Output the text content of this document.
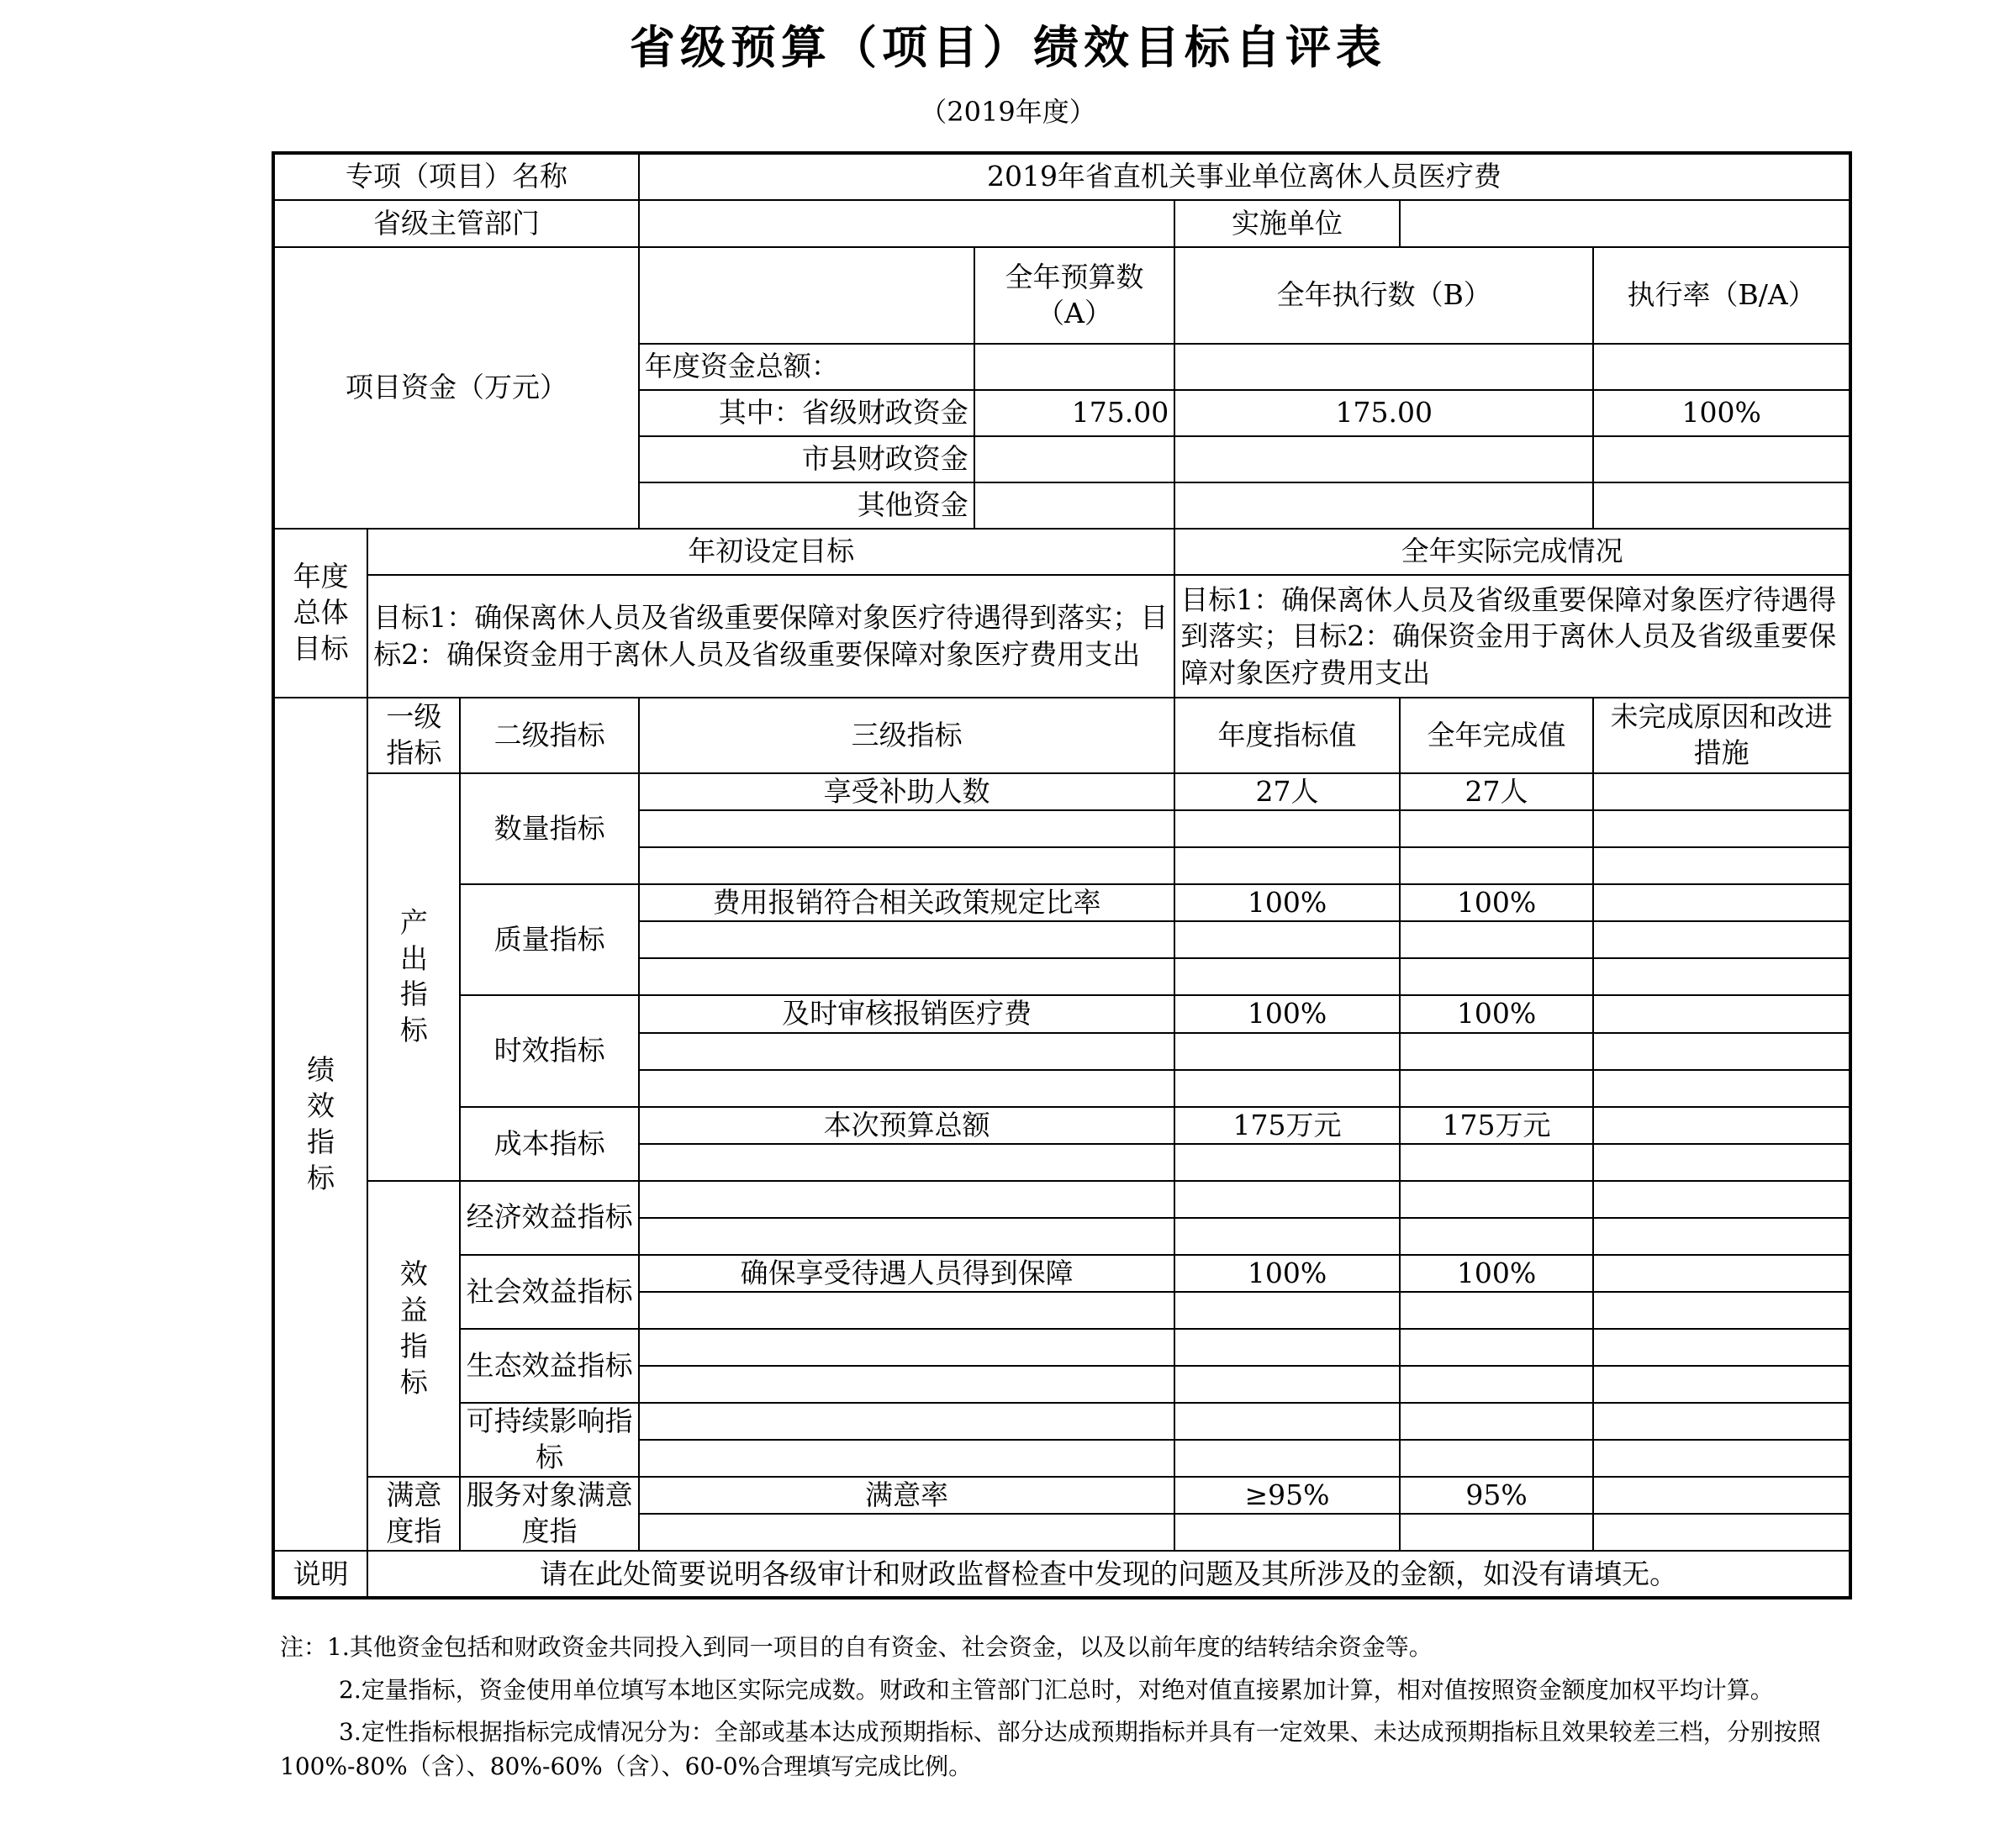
省级预算（项目）绩效目标自评表
（2019年度）
专项（项目）名称			2019年省直机关事业单位离休人员医疗费				
省级主管部门					实施单位		
项目资金（万元）				全年预算数（A）	全年执行数（B）		执行率（B/A）
			年度资金总额：				
			其中：省级财政资金	175.00	175.00		100%
			市县财政资金				
			其他资金				
年度总体目标	年初设定目标				全年实际完成情况		
	目标1：确保离休人员及省级重要保障对象医疗待遇得到落实；目标2：确保资金用于离休人员及省级重要保障对象医疗费用支出				目标1：确保离休人员及省级重要保障对象医疗待遇得到落实；目标2：确保资金用于离休人员及省级重要保障对象医疗费用支出		
绩效指标	一级指标	二级指标	三级指标		年度指标值	全年完成值	未完成原因和改进措施
	产出指标	数量指标	享受补助人数		27人	27人	

		质量指标	费用报销符合相关政策规定比率		100%	100%	

		时效指标	及时审核报销医疗费		100%	100%	

		成本指标	本次预算总额		175万元	175万元	

	效益指标	经济效益指标					

		社会效益指标	确保享受待遇人员得到保障		100%	100%	

		生态效益指标					

		可持续影响指标					

	满意度指	服务对象满意度指	满意率		≥95%	95%	

说明	请在此处简要说明各级审计和财政监督检查中发现的问题及其所涉及的金额，如没有请填无。						

注：1.其他资金包括和财政资金共同投入到同一项目的自有资金、社会资金，以及以前年度的结转结余资金等。

2.定量指标，资金使用单位填写本地区实际完成数。财政和主管部门汇总时，对绝对值直接累加计算，相对值按照资金额度加权平均计算。

3.定性指标根据指标完成情况分为：全部或基本达成预期指标、部分达成预期指标并具有一定效果、未达成预期指标且效果较差三档，分别按照100%-80%（含）、80%-60%（含）、60-0%合理填写完成比例。
